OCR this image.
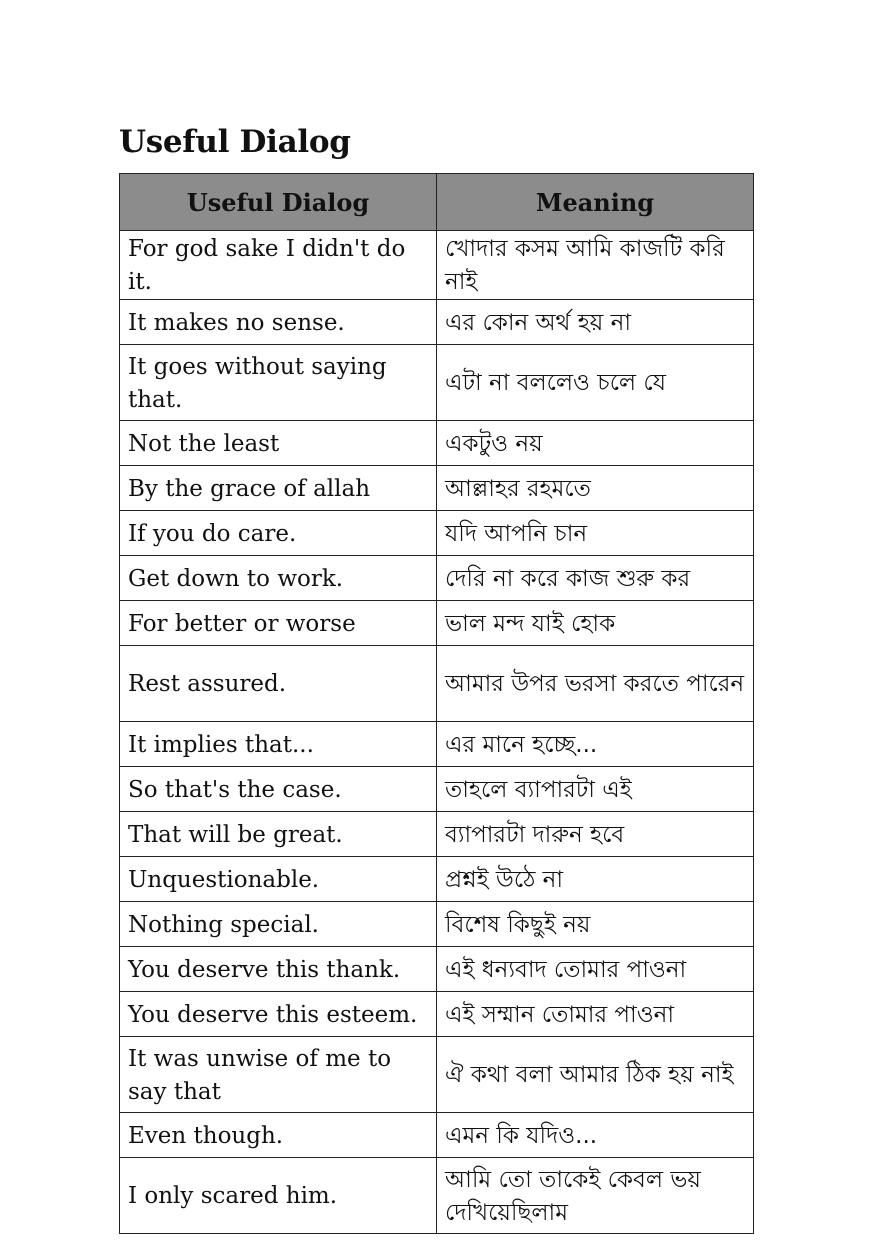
Useful Dialog
Useful Dialog	Meaning
For god sake I didn't do it.	খোদার কসম আমি কাজটি করি নাই
It makes no sense.	এর কোন অর্থ হয় না
It goes without saying that.	এটা না বললেও চলে যে
Not the least	একটুও নয়
By the grace of allah	আল্লাহর রহমতে
If you do care.	যদি আপনি চান
Get down to work.	দেরি না করে কাজ শুরু কর
For better or worse	ভাল মন্দ যাই হোক
Rest assured.	আমার উপর ভরসা করতে পারেন
It implies that...	এর মানে হচ্ছে...
So that's the case.	তাহলে ব্যাপারটা এই
That will be great.	ব্যাপারটা দারুন হবে
Unquestionable.	প্রশ্নই উঠে না
Nothing special.	বিশেষ কিছুই নয়
You deserve this thank.	এই ধন্যবাদ তোমার পাওনা
You deserve this esteem.	এই সম্মান তোমার পাওনা
It was unwise of me to say that	ঐ কথা বলা আমার ঠিক হয় নাই
Even though.	এমন কি যদিও...
I only scared him.	আমি তো তাকেই কেবল ভয় দেখিয়েছিলাম
